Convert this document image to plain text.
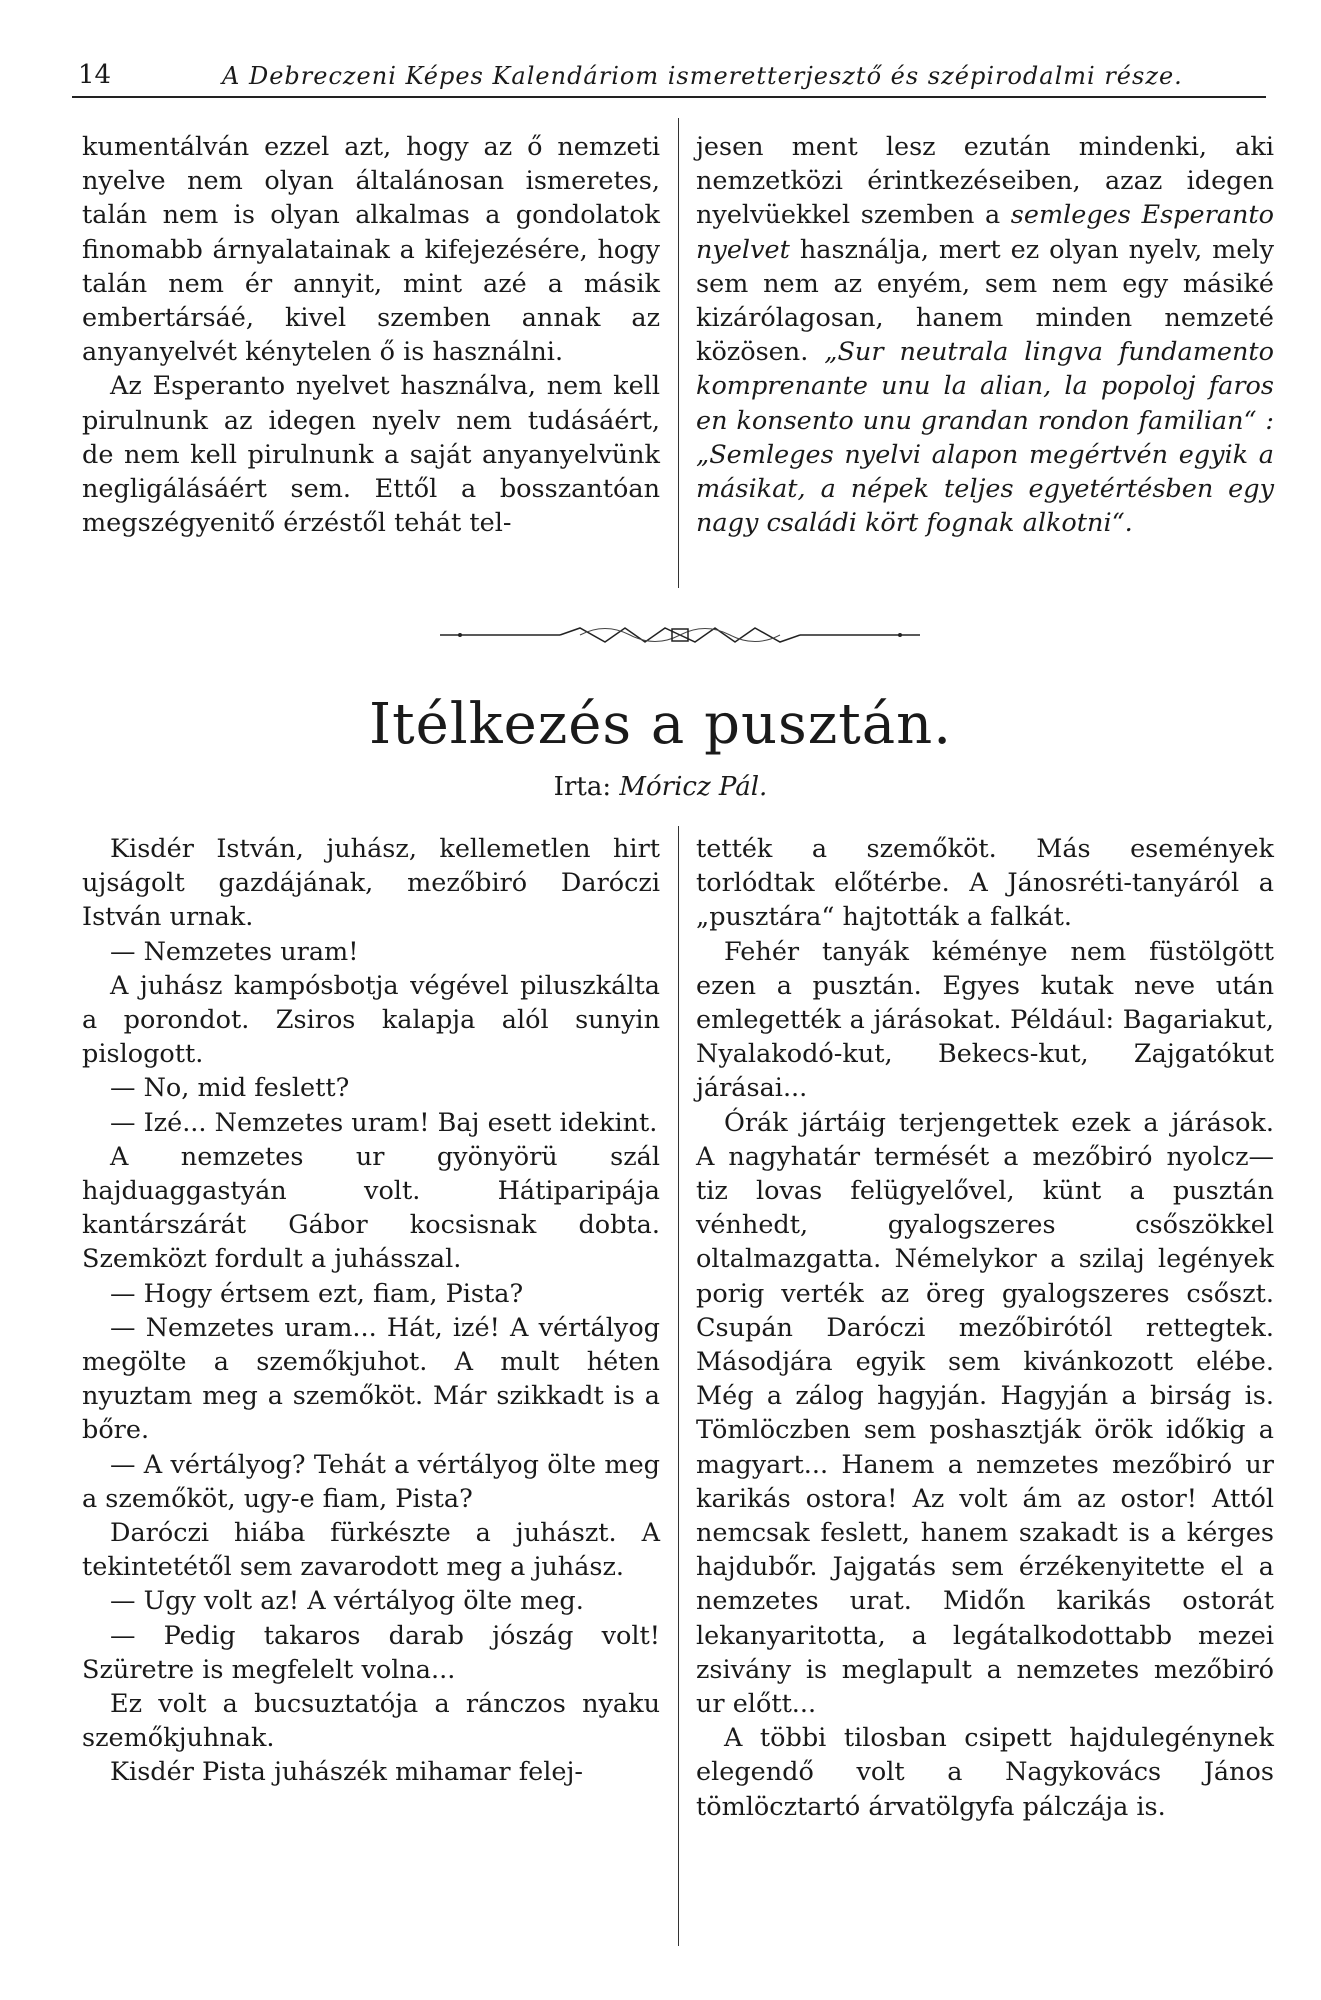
14	A Debreczeni Képes Kalendáriom ismeretterjesztő és szépirodalmi része.

kumentálván ezzel azt, hogy az ő nemzeti nyelve nem olyan általánosan ismeretes, talán nem is olyan alkalmas a gondolatok finomabb árnyalatainak a kifejezésére, hogy talán nem ér annyit, mint azé a másik embertársáé, kivel szemben annak az anyanyelvét kénytelen ő is használni.

Az Esperanto nyelvet használva, nem kell pirulnunk az idegen nyelv nem tudásáért, de nem kell pirulnunk a saját anyanyelvünk negligálásáért sem. Ettől a bosszantóan megszégyenitő érzéstől tehát tel-

jesen ment lesz ezután mindenki, aki nemzetközi érintkezéseiben, azaz idegen nyelvüekkel szemben a semleges Esperanto nyelvet használja, mert ez olyan nyelv, mely sem nem az enyém, sem nem egy másiké kizárólagosan, hanem minden nemzeté közösen. „Sur neutrala lingva fundamento komprenante unu la alian, la popoloj faros en konsento unu grandan rondon familian“ : „Semleges nyelvi alapon megértvén egyik a másikat, a népek teljes egyetértésben egy nagy családi kört fognak alkotni“.

Itélkezés a pusztán.
Irta: Móricz Pál.

Kisdér István, juhász, kellemetlen hirt ujságolt gazdájának, mezőbiró Daróczi István urnak.

— Nemzetes uram!

A juhász kampósbotja végével piluszkálta a porondot. Zsiros kalapja alól sunyin pislogott.

— No, mid feslett?

— Izé... Nemzetes uram! Baj esett idekint.

A nemzetes ur gyönyörü szál hajduaggastyán volt. Hátiparipája kantárszárát Gábor kocsisnak dobta. Szemközt fordult a juhásszal.

— Hogy értsem ezt, fiam, Pista?

— Nemzetes uram... Hát, izé! A vértályog megölte a szemőkjuhot. A mult héten nyuztam meg a szemőköt. Már szikkadt is a bőre.

— A vértályog? Tehát a vértályog ölte meg a szemőköt, ugy-e fiam, Pista?

Daróczi hiába fürkészte a juhászt. A tekintetétől sem zavarodott meg a juhász.

— Ugy volt az! A vértályog ölte meg.

— Pedig takaros darab jószág volt! Szüretre is megfelelt volna...

Ez volt a bucsuztatója a ránczos nyaku szemőkjuhnak.

Kisdér Pista juhászék mihamar felej-

tették a szemőköt. Más események torlódtak előtérbe. A Jánosréti-tanyáról a „pusztára“ hajtották a falkát.

Fehér tanyák kéménye nem füstölgött ezen a pusztán. Egyes kutak neve után emlegették a járásokat. Például: Bagariakut, Nyalakodó-kut, Bekecs-kut, Zajgatókut járásai...

Órák jártáig terjengettek ezek a járások. A nagyhatár termését a mezőbiró nyolcz—tiz lovas felügyelővel, künt a pusztán vénhedt, gyalogszeres csőszökkel oltalmazgatta. Némelykor a szilaj legények porig verték az öreg gyalogszeres csőszt. Csupán Daróczi mezőbirótól rettegtek. Másodjára egyik sem kivánkozott elébe. Még a zálog hagyján. Hagyján a birság is. Tömlöczben sem poshasztják örök időkig a magyart... Hanem a nemzetes mezőbiró ur karikás ostora! Az volt ám az ostor! Attól nemcsak feslett, hanem szakadt is a kérges hajdubőr. Jajgatás sem érzékenyitette el a nemzetes urat. Midőn karikás ostorát lekanyaritotta, a legátalkodottabb mezei zsivány is meglapult a nemzetes mezőbiró ur előtt...

A többi tilosban csipett hajdulegénynek elegendő volt a Nagykovács János tömlöcztartó árvatölgyfa pálczája is.
